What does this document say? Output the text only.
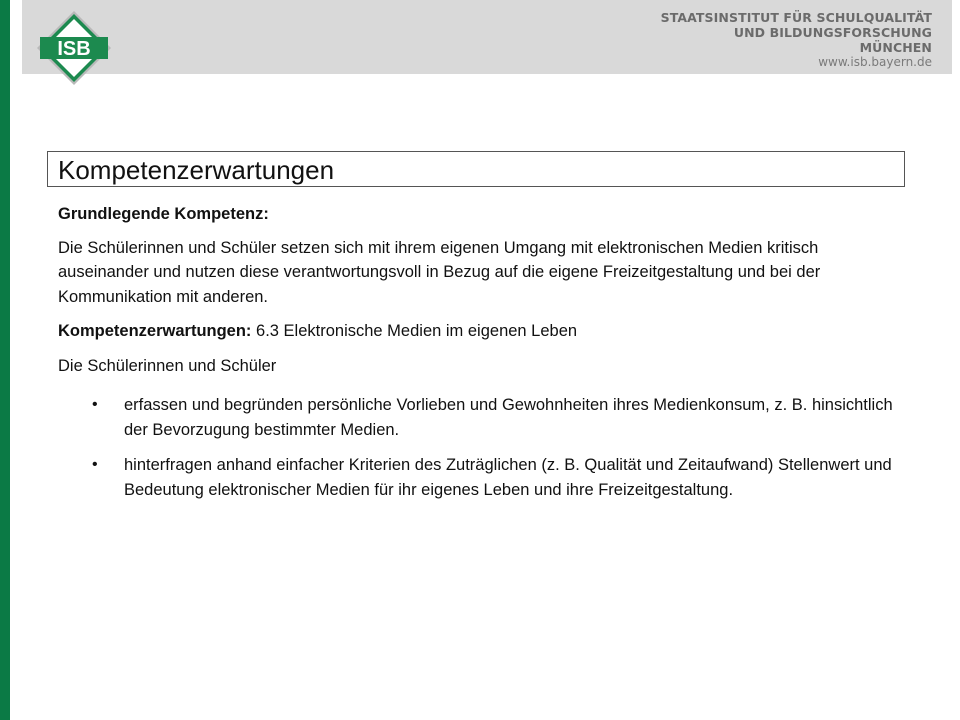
ISB
STAATSINSTITUT FÜR SCHULQUALITÄT
UND BILDUNGSFORSCHUNG
MÜNCHEN
www.isb.bayern.de
Kompetenzerwartungen

Grundlegende Kompetenz:

Die Schülerinnen und Schüler setzen sich mit ihrem eigenen Umgang mit elektronischen Medien kritisch auseinander und nutzen diese verantwortungsvoll in Bezug auf die eigene Freizeitgestaltung und bei der Kommunikation mit anderen.

Kompetenzerwartungen: 6.3 Elektronische Medien im eigenen Leben

Die Schülerinnen und Schüler

• erfassen und begründen persönliche Vorlieben und Gewohnheiten ihres Medienkonsum, z. B. hinsichtlich der Bevorzugung bestimmter Medien.
• hinterfragen anhand einfacher Kriterien des Zuträglichen (z. B. Qualität und Zeitaufwand) Stellenwert und Bedeutung elektronischer Medien für ihr eigenes Leben und ihre Freizeitgestaltung.
